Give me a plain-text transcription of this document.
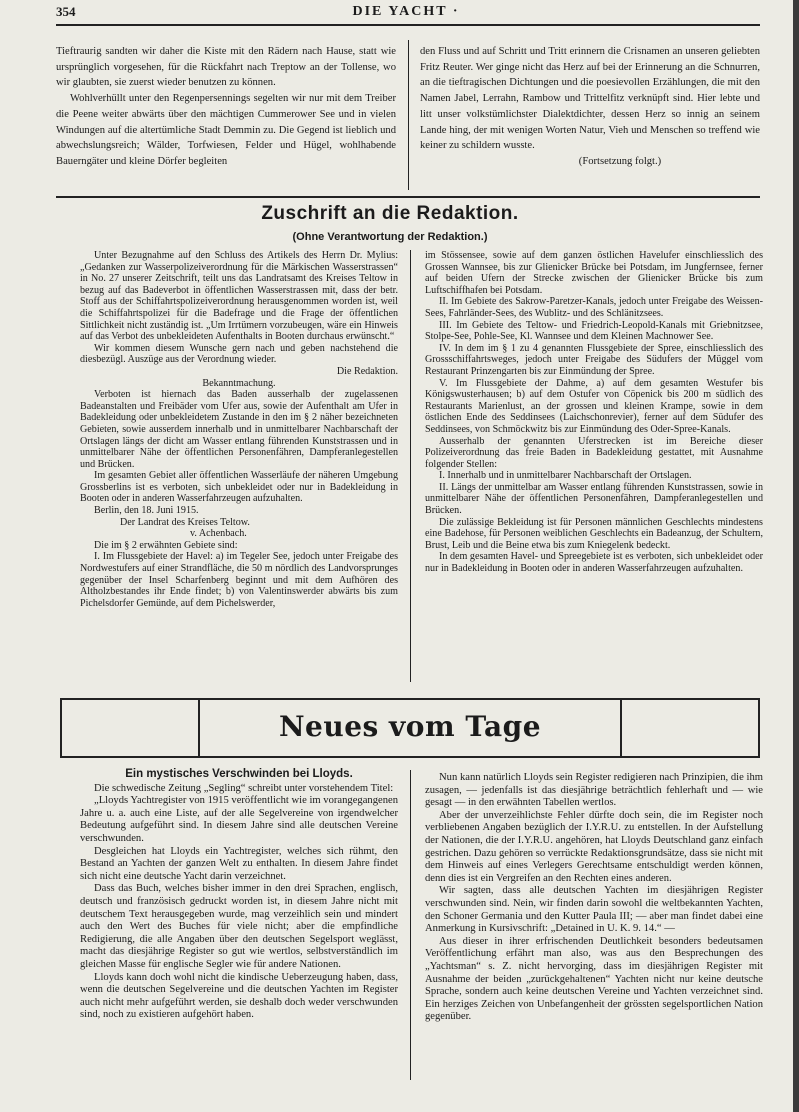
354	DIE YACHT ·

Tieftraurig sandten wir daher die Kiste mit den Rädern nach Hause, statt wie ursprünglich vorgesehen, für die Rückfahrt nach Treptow an der Tollense, wo wir glaubten, sie zuerst wieder benutzen zu können.

Wohlverhüllt unter den Regenpersennings segelten wir nur mit dem Treiber die Peene weiter abwärts über den mächtigen Cummerower See und in vielen Windungen auf die altertümliche Stadt Demmin zu. Die Gegend ist lieblich und abwechslungsreich; Wälder, Torfwiesen, Felder und Hügel, wohlhabende Bauerngäter und kleine Dörfer begleiten

den Fluss und auf Schritt und Tritt erinnern die Crisnamen an unseren geliebten Fritz Reuter. Wer ginge nicht das Herz auf bei der Erinnerung an die Schnurren, an die tieftragischen Dichtungen und die poesievollen Erzählungen, die mit den Namen Jabel, Lerrahn, Rambow und Trittelfitz verknüpft sind. Hier lebte und litt unser volkstümlichster Dialektdichter, dessen Herz so innig an seinem Lande hing, der mit wenigen Worten Natur, Vieh und Menschen so treffend wie keiner zu schildern wusste.

(Fortsetzung folgt.)

Zuschrift an die Redaktion.
(Ohne Verantwortung der Redaktion.)

Unter Bezugnahme auf den Schluss des Artikels des Herrn Dr. Mylius: „Gedanken zur Wasserpolizeiverordnung für die Märkischen Wasserstrassen“ in No. 27 unserer Zeitschrift, teilt uns das Landratsamt des Kreises Teltow in bezug auf das Badeverbot in öffentlichen Wasserstrassen mit, dass der betr. Stoff aus der Schiffahrtspolizeiverordnung herausgenommen worden ist, weil die Schiffahrtspolizei für die Badefrage und die Frage der öffentlichen Sittlichkeit nicht zuständig ist. „Um Irrtümern vorzubeugen, wäre ein Hinweis auf das Verbot des unbekleideten Aufenthalts in Booten durchaus erwünscht.“

Wir kommen diesem Wunsche gern nach und geben nachstehend die diesbezügl. Auszüge aus der Verordnung wieder.

Die Redaktion.

Bekanntmachung.

Verboten ist hiernach das Baden ausserhalb der zugelassenen Badeanstalten und Freibäder vom Ufer aus, sowie der Aufenthalt am Ufer in Badekleidung oder unbekleidetem Zustande in den im § 2 näher bezeichneten Gebieten, sowie ausserdem innerhalb und in unmittelbarer Nachbarschaft der Ortslagen längs der dicht am Wasser entlang führenden Kunststrassen und in unmittelbarer Nähe der öffentlichen Personenfähren, Dampferanlegestellen und Brücken.

Im gesamten Gebiet aller öffentlichen Wasserläufe der näheren Umgebung Grossberlins ist es verboten, sich unbekleidet oder nur in Badekleidung in Booten oder in anderen Wasserfahrzeugen aufzuhalten.

Berlin, den 18. Juni 1915.

Der Landrat des Kreises Teltow.

v. Achenbach.

Die im § 2 erwähnten Gebiete sind:

I. Im Flussgebiete der Havel: a) im Tegeler See, jedoch unter Freigabe des Nordwestufers auf einer Strandfläche, die 50 m nördlich des Landvorsprunges gegenüber der Insel Scharfenberg beginnt und mit dem Aufhören des Altholzbestandes ihr Ende findet; b) von Valentinswerder abwärts bis zum Pichelsdorfer Gemünde, auf dem Pichelswerder,

im Stössensee, sowie auf dem ganzen östlichen Havelufer einschliesslich des Grossen Wannsee, bis zur Glienicker Brücke bei Potsdam, im Jungfernsee, ferner auf beiden Ufern der Strecke zwischen der Glienicker Brücke bis zum Luftschiffhafen bei Potsdam.

II. Im Gebiete des Sakrow-Paretzer-Kanals, jedoch unter Freigabe des Weissen-Sees, Fahrländer-Sees, des Wublitz- und des Schlänitzsees.

III. Im Gebiete des Teltow- und Friedrich-Leopold-Kanals mit Griebnitzsee, Stolpe-See, Pohle-See, Kl. Wannsee und dem Kleinen Machnower See.

IV. In dem im § 1 zu 4 genannten Flussgebiete der Spree, einschliesslich des Grossschiffahrtsweges, jedoch unter Freigabe des Südufers der Müggel vom Restaurant Prinzengarten bis zur Einmündung der Spree.

V. Im Flussgebiete der Dahme, a) auf dem gesamten Westufer bis Königswusterhausen; b) auf dem Ostufer von Cöpenick bis 200 m südlich des Restaurants Marienlust, an der grossen und kleinen Krampe, sowie in dem östlichen Ende des Seddinsees (Laichschonrevier), ferner auf dem Südufer des Seddinsees, von Schmöckwitz bis zur Einmündung des Oder-Spree-Kanals.

Ausserhalb der genannten Uferstrecken ist im Bereiche dieser Polizeiverordnung das freie Baden in Badekleidung gestattet, mit Ausnahme folgender Stellen:

I. Innerhalb und in unmittelbarer Nachbarschaft der Ortslagen.

II. Längs der unmittelbar am Wasser entlang führenden Kunststrassen, sowie in unmittelbarer Nähe der öffentlichen Personenfähren, Dampferanlegestellen und Brücken.

Die zulässige Bekleidung ist für Personen männlichen Geschlechts mindestens eine Badehose, für Personen weiblichen Geschlechts ein Badeanzug, der Schultern, Brust, Leib und die Beine etwa bis zum Kniegelenk bedeckt.

In dem gesamten Havel- und Spreegebiete ist es verboten, sich unbekleidet oder nur in Badekleidung in Booten oder in anderen Wasserfahrzeugen aufzuhalten.

Neues vom Tage
Ein mystisches Verschwinden bei Lloyds.

Die schwedische Zeitung „Segling“ schreibt unter vorstehendem Titel:

„Lloyds Yachtregister von 1915 veröffentlicht wie im vorangegangenen Jahre u. a. auch eine Liste, auf der alle Segelvereine von irgendwelcher Bedeutung aufgeführt sind. In diesem Jahre sind alle deutschen Vereine verschwunden.

Desgleichen hat Lloyds ein Yachtregister, welches sich rühmt, den Bestand an Yachten der ganzen Welt zu enthalten. In diesem Jahre findet sich nicht eine deutsche Yacht darin verzeichnet.

Dass das Buch, welches bisher immer in den drei Sprachen, englisch, deutsch und französisch gedruckt worden ist, in diesem Jahre nicht mit deutschem Text herausgegeben wurde, mag verzeihlich sein und mindert auch den Wert des Buches für viele nicht; aber die empfindliche Redigierung, die alle Angaben über den deutschen Segelsport weglässt, macht das diesjährige Register so gut wie wertlos, selbstverständlich im gleichen Masse für englische Segler wie für andere Nationen.

Lloyds kann doch wohl nicht die kindische Ueberzeugung haben, dass, wenn die deutschen Segelvereine und die deutschen Yachten im Register auch nicht mehr aufgeführt werden, sie deshalb doch weder verschwunden sind, noch zu existieren aufgehört haben.

Nun kann natürlich Lloyds sein Register redigieren nach Prinzipien, die ihm zusagen, — jedenfalls ist das diesjährige beträchtlich fehlerhaft und — wie gesagt — in den erwähnten Tabellen wertlos.

Aber der unverzeihlichste Fehler dürfte doch sein, die im Register noch verbliebenen Angaben bezüglich der I.Y.R.U. zu entstellen. In der Aufstellung der Nationen, die der I.Y.R.U. angehören, hat Lloyds Deutschland ganz einfach gestrichen. Dazu gehören so verrückte Redaktionsgrundsätze, dass sie nicht mit dem Hinweis auf eines Verlegers Gerechtsame entschuldigt werden können, denn dies ist ein Vergreifen an den Rechten eines anderen.

Wir sagten, dass alle deutschen Yachten im diesjährigen Register verschwunden sind. Nein, wir finden darin sowohl die weltbekannten Yachten, den Schoner Germania und den Kutter Paula III; — aber man findet dabei eine Anmerkung in Kursivschrift: „Detained in U. K. 9. 14.“ —

Aus dieser in ihrer erfrischenden Deutlichkeit besonders bedeutsamen Veröffentlichung erfährt man also, was aus den Besprechungen des „Yachtsman“ s. Z. nicht hervorging, dass im diesjährigen Register mit Ausnahme der beiden „zurückgehaltenen“ Yachten nicht nur keine deutsche Sprache, sondern auch keine deutschen Vereine und Yachten verzeichnet sind. Ein herziges Zeichen von Unbefangenheit der grössten segelsportlichen Nation gegenüber.
